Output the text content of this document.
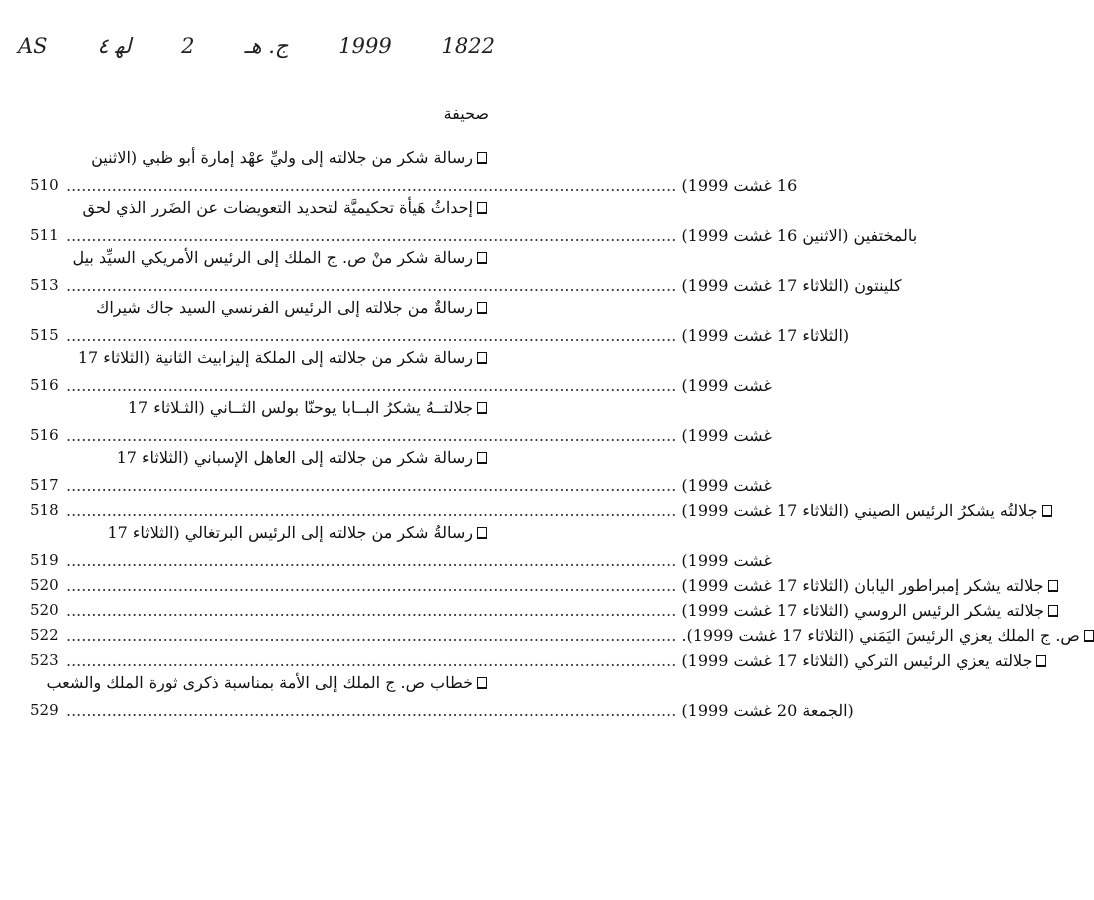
AS ﻟﻬ ٤ 2 ج. هـ 1999 1822
صحيفة
رسالة شكر من جلالته إلى وليِّ عهْد إمارة أبو ظبي (الاثنين
510	16 غشت 1999) ........................................................................................................................
إحداثُ هَيأة تحكيميَّة لتحديد التعويضات عن الضَرر الذي لحق
511	بالمختفين (الاثنين 16 غشت 1999) ........................................................................................................................
رسالة شكر منْ ص. ج الملك إلى الرئيس الأمريكي السيِّد بيل
513	كلينتون (الثلاثاء 17 غشت 1999) ........................................................................................................................
رسالةٌ من جلالته إلى الرئيس الفرنسي السيد جاك شيراك
515	(الثلاثاء 17 غشت 1999) ........................................................................................................................
رسالة شكر من جلالته إلى الملكة إليزابيث الثانية (الثلاثاء 17
516	غشت 1999) ........................................................................................................................
جلالتــهُ يشكرُ البــابا يوحنّا بولس الثــاني (الثـلاثاء 17
516	غشت 1999) ........................................................................................................................
رسالة شكر من جلالته إلى العاهل الإسباني (الثلاثاء 17
517	غشت 1999) ........................................................................................................................
518	جلالتُه يشكرُ الرئيس الصيني (الثلاثاء 17 غشت 1999) ........................................................................................................................
رسالةُ شكر من جلالته إلى الرئيس البرتغالي (الثلاثاء 17
519	غشت 1999) ........................................................................................................................
520	جلالته يشكر إمبراطور اليابان (الثلاثاء 17 غشت 1999) ........................................................................................................................
520	جلالته يشكر الرئيس الروسي (الثلاثاء 17 غشت 1999) ........................................................................................................................
522	ص. ج الملك يعزي الرئيسَ اليَمَني (الثلاثاء 17 غشت 1999). ........................................................................................................................
523	جلالته يعزي الرئيس التركي (الثلاثاء 17 غشت 1999) ........................................................................................................................
خطاب ص. ج الملك إلى الأمة بمناسبة ذكرى ثورة الملك والشعب
529	(الجمعة 20 غشت 1999) ........................................................................................................................
